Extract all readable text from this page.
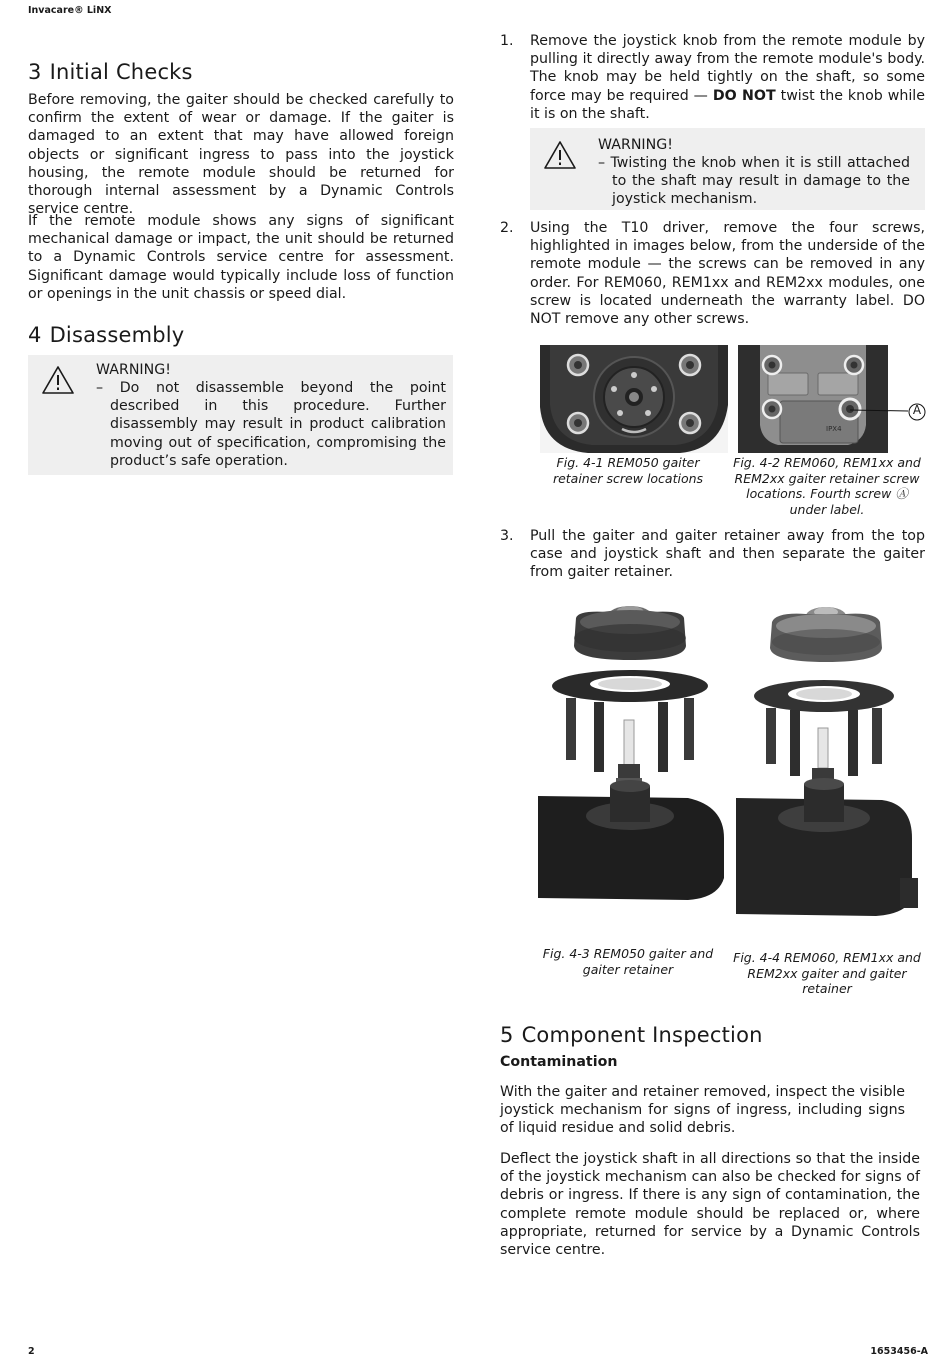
Invacare® LiNX
3 Initial Checks

Before removing, the gaiter should be checked carefully to confirm the extent of wear or damage. If the gaiter is damaged to an extent that may have allowed foreign objects or significant ingress to pass into the joystick housing, the remote module should be returned for thorough internal assessment by a Dynamic Controls service centre.

If the remote module shows any signs of significant mechanical damage or impact, the unit should be returned to a Dynamic Controls service centre for assessment. Significant damage would typically include loss of function or openings in the unit chassis or speed dial.

4 Disassembly
WARNING!
– Do not disassemble beyond the point described in this procedure. Further disassembly may result in product calibration moving out of specification, compromising the product’s safe operation.
1. Remove the joystick knob from the remote module by pulling it directly away from the remote module's body. The knob may be held tightly on the shaft, so some force may be required — DO NOT twist the knob while it is on the shaft.
WARNING!
– Twisting the knob when it is still attached to the shaft may result in damage to the joystick mechanism.
2. Using the T10 driver, remove the four screws, highlighted in images below, from the underside of the remote module — the screws can be removed in any order. For REM060, REM1xx and REM2xx modules, one screw is located underneath the warranty label. DO NOT remove any other screws.
Fig. 4-1 REM050 gaiter retainer screw locations
IPX4
A
Fig. 4-2 REM060, REM1xx and REM2xx gaiter retainer screw locations. Fourth screw Ⓐ under label.
3. Pull the gaiter and gaiter retainer away from the top case and joystick shaft and then separate the gaiter from gaiter retainer.
Fig. 4-3 REM050 gaiter and gaiter retainer
Fig. 4-4 REM060, REM1xx and REM2xx gaiter and gaiter retainer
5 Component Inspection
Contamination

With the gaiter and retainer removed, inspect the visible joystick mechanism for signs of ingress, including signs of liquid residue and solid debris.

Deflect the joystick shaft in all directions so that the inside of the joystick mechanism can also be checked for signs of debris or ingress. If there is any sign of contamination, the complete remote module should be replaced or, where appropriate, returned for service by a Dynamic Controls service centre.

2	1653456-A
